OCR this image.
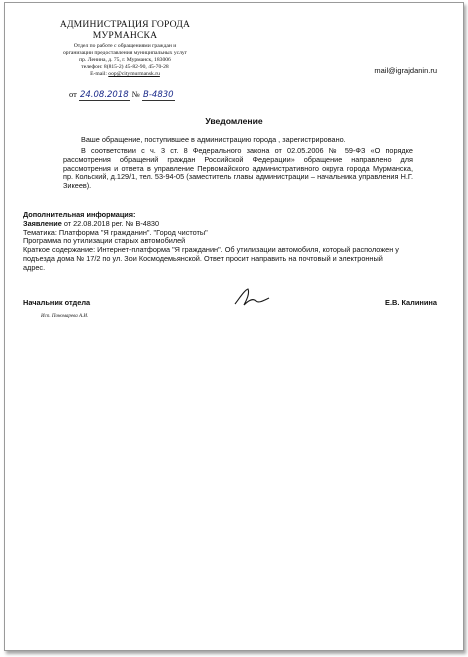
АДМИНИСТРАЦИЯ ГОРОДА
МУРМАНСКА
Отдел по работе с обращениями граждан и
организации предоставления муниципальных услуг
пр. Ленина, д. 75, г. Мурманск, 183006
телефон: 8(815-2) 45-82-90, 45-70-28
E-mail: oop@citymurmansk.ru	mail@igrajdanin.ru
от 24.08.2018 № В-4830
Уведомление
Ваше обращение, поступившее в администрацию города , зарегистрировано.
В соответствии с ч. 3 ст. 8 Федерального закона от 02.05.2006 № 59-ФЗ «О порядке рассмотрения обращений граждан Российской Федерации» обращение направлено для рассмотрения и ответа в управление Первомайского административного округа города Мурманска, пр. Кольский, д.129/1, тел. 53-94-05 (заместитель главы администрации – начальника управления Н.Г. Зикеев).
Дополнительная информация:
Заявление от 22.08.2018 рег. № В-4830
Тематика: Платформа "Я гражданин". "Город чистоты"
Программа по утилизации старых автомобилей
Краткое содержание: Интернет-платформа "Я гражданин". Об утилизации автомобиля, который расположен у подъезда дома № 17/2 по ул. Зои Космодемьянской. Ответ просит направить на почтовый и электронный адрес.
Начальник отдела	Е.В. Калинина
Исп. Пономарева А.И.
